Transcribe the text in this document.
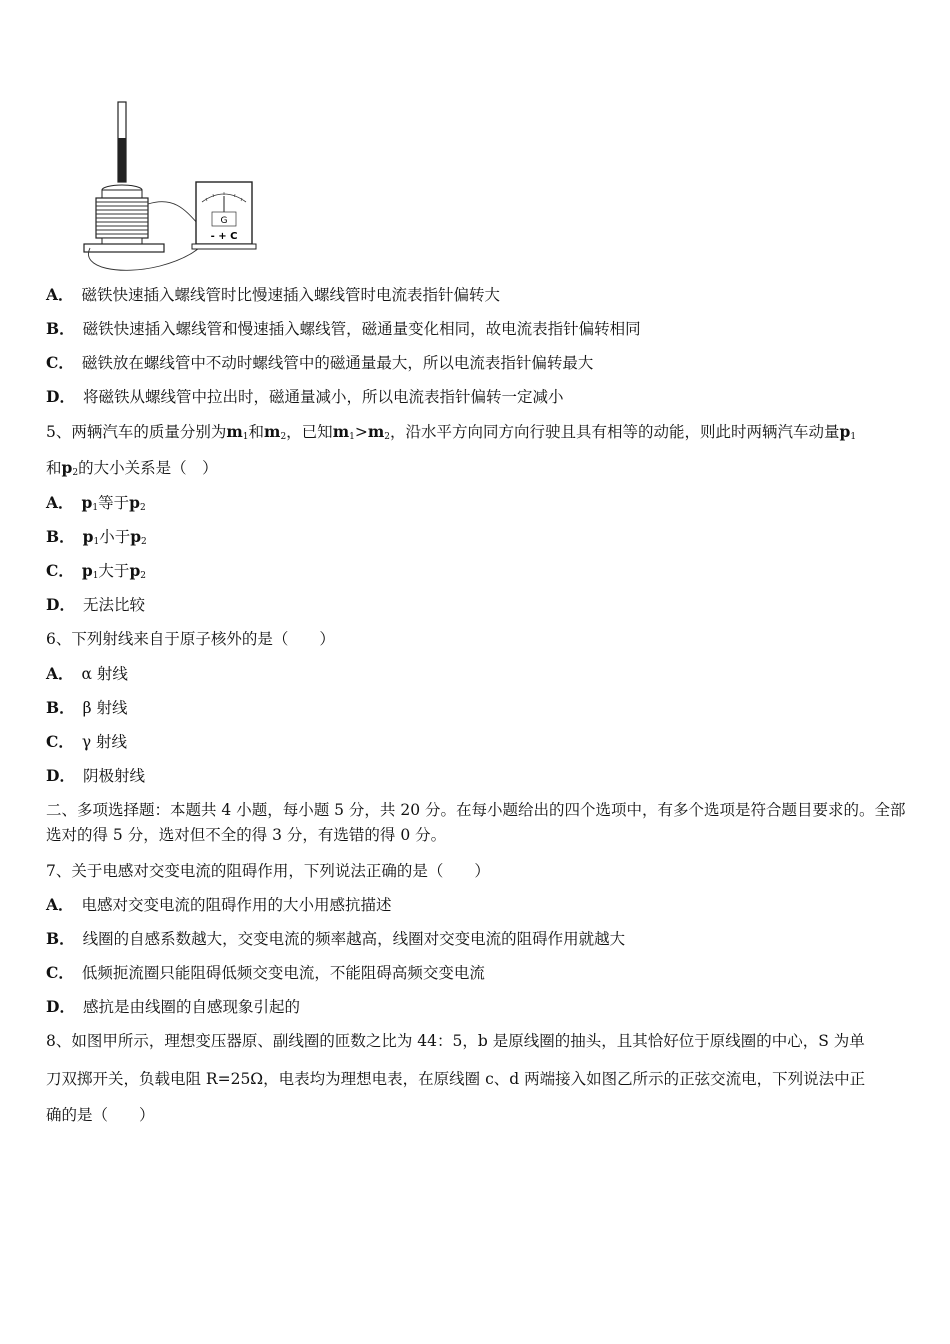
G
- + C
A． 磁铁快速插入螺线管时比慢速插入螺线管时电流表指针偏转大
B． 磁铁快速插入螺线管和慢速插入螺线管，磁通量变化相同，故电流表指针偏转相同
C． 磁铁放在螺线管中不动时螺线管中的磁通量最大，所以电流表指针偏转最大
D． 将磁铁从螺线管中拉出时，磁通量减小，所以电流表指针偏转一定减小
5、两辆汽车的质量分别为$m_1$和$m_2$，已知$m_1>m_2$，沿水平方向同方向行驶且具有相等的动能，则此时两辆汽车动量$p_1$
和$p_2$的大小关系是（　）
A． $p_1$等于$p_2$
B． $p_1$小于$p_2$
C． $p_1$大于$p_2$
D． 无法比较
6、下列射线来自于原子核外的是（　　）
A． α 射线
B． β 射线
C． γ 射线
D． 阴极射线
二、多项选择题：本题共 4 小题，每小题 5 分，共 20 分。在每小题给出的四个选项中，有多个选项是符合题目要求的。全部选对的得 5 分，选对但不全的得 3 分，有选错的得 0 分。
7、关于电感对交变电流的阻碍作用，下列说法正确的是（　　）
A． 电感对交变电流的阻碍作用的大小用感抗描述
B． 线圈的自感系数越大，交变电流的频率越高，线圈对交变电流的阻碍作用就越大
C． 低频扼流圈只能阻碍低频交变电流，不能阻碍高频交变电流
D． 感抗是由线圈的自感现象引起的
8、如图甲所示，理想变压器原、副线圈的匝数之比为 44：5，b 是原线圈的抽头，且其恰好位于原线圈的中心，S 为单
刀双掷开关，负载电阻 R=25Ω，电表均为理想电表，在原线圈 c、d 两端接入如图乙所示的正弦交流电，下列说法中正
确的是（　　）
